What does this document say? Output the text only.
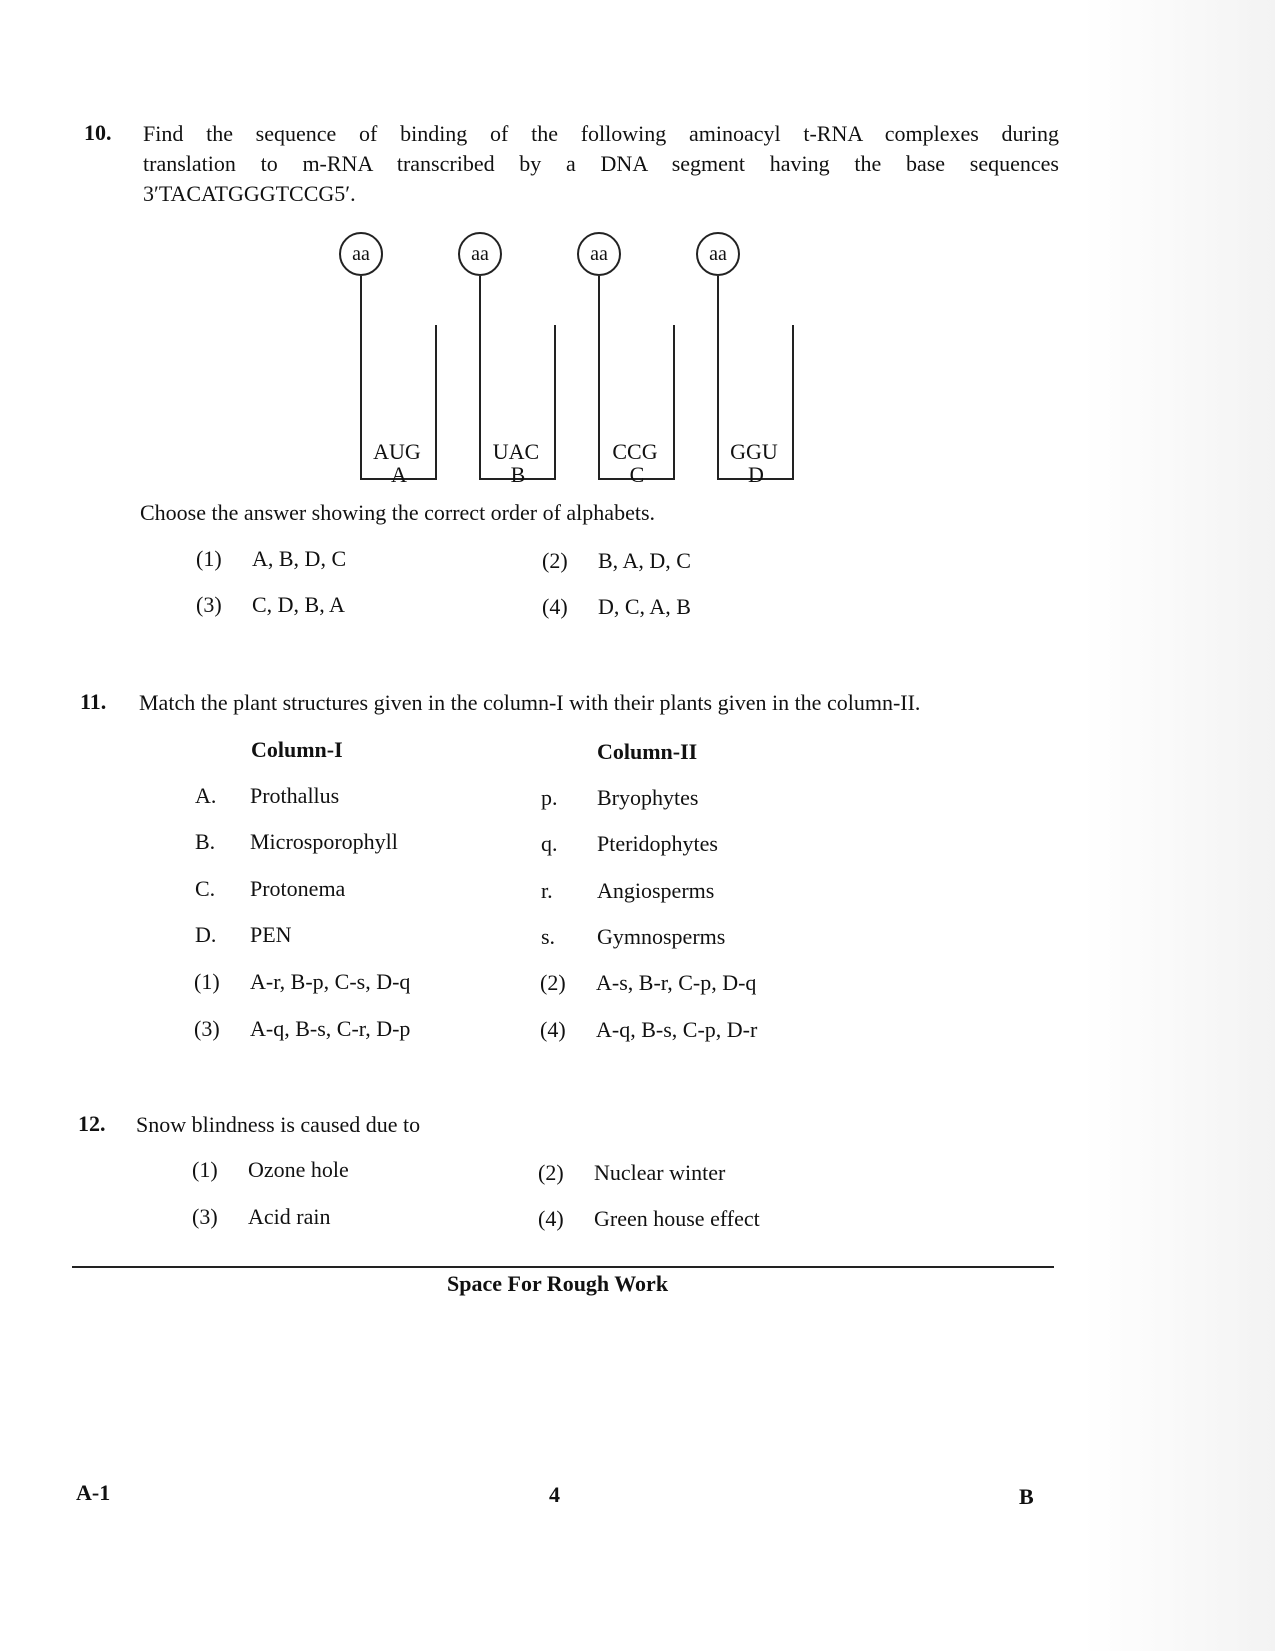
10. Find the sequence of binding of the following aminoacyl t-RNA complexes during
translation to m-RNA transcribed by a DNA segment having the base sequences
3′TACATGGGTCCG5′.
aa
AUG
A
aa
UAC
B
aa
CCG
C
aa
GGU
D
Choose the answer showing the correct order of alphabets.
(1) A, B, D, C	(2) B, A, D, C
(3) C, D, B, A	(4) D, C, A, B
11. Match the plant structures given in the column-I with their plants given in the column-II.
Column-I	Column-II
A. Prothallus	p. Bryophytes
B. Microsporophyll	q. Pteridophytes
C. Protonema	r. Angiosperms
D. PEN	s. Gymnosperms
(1) A-r, B-p, C-s, D-q	(2) A-s, B-r, C-p, D-q
(3) A-q, B-s, C-r, D-p	(4) A-q, B-s, C-p, D-r
12. Snow blindness is caused due to
(1) Ozone hole	(2) Nuclear winter
(3) Acid rain	(4) Green house effect
Space For Rough Work
A-1	4	B
